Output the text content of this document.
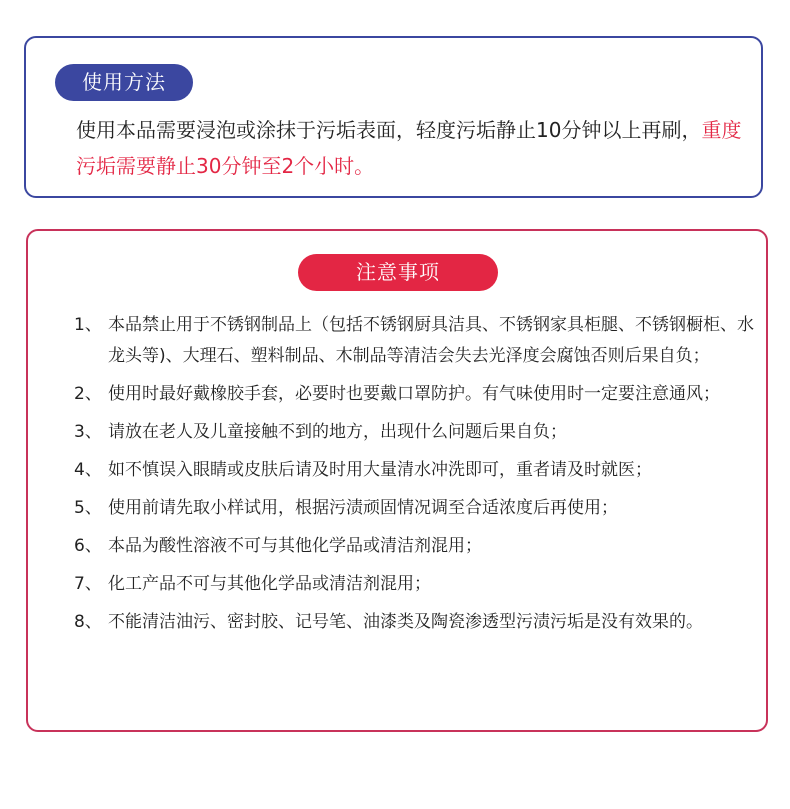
使用方法

使用本品需要浸泡或涂抹于污垢表面，轻度污垢静止10分钟以上再刷，重度污垢需要静止30分钟至2个小时。

注意事项
1、 本品禁止用于不锈钢制品上（包括不锈钢厨具洁具、不锈钢家具柜腿、不锈钢橱柜、水龙头等)、大理石、塑料制品、木制品等清洁会失去光泽度会腐蚀否则后果自负；
2、 使用时最好戴橡胶手套，必要时也要戴口罩防护。有气味使用时一定要注意通风；
3、 请放在老人及儿童接触不到的地方，出现什么问题后果自负；
4、 如不慎误入眼睛或皮肤后请及时用大量清水冲洗即可，重者请及时就医；
5、 使用前请先取小样试用，根据污渍顽固情况调至合适浓度后再使用；
6、 本品为酸性溶液不可与其他化学品或清洁剂混用；
7、 化工产品不可与其他化学品或清洁剂混用；
8、 不能清洁油污、密封胶、记号笔、油漆类及陶瓷渗透型污渍污垢是没有效果的。
